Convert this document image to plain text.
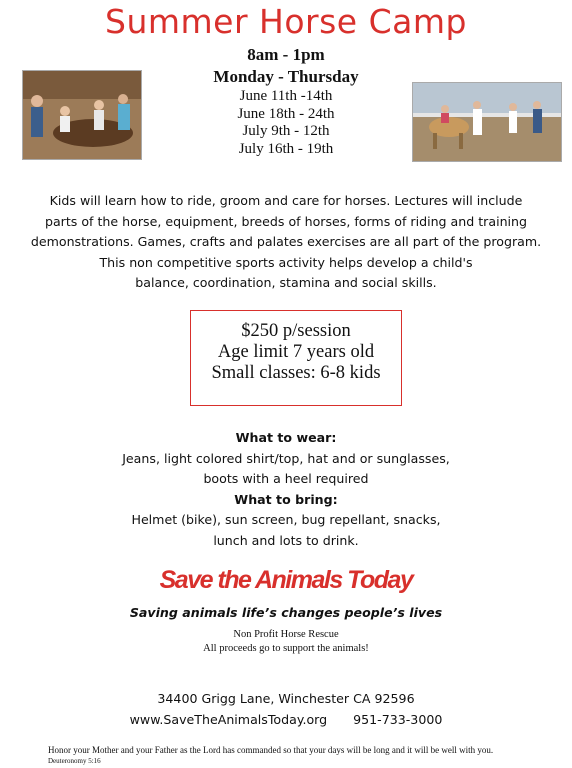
Summer Horse Camp
8am - 1pm
Monday - Thursday
June 11th -14th
June 18th - 24th
July 9th - 12th
July 16th - 19th
Kids will learn how to ride, groom and care for horses. Lectures will include
parts of the horse, equipment, breeds of horses, forms of riding and training
demonstrations. Games, crafts and palates exercises are all part of the program.
This non competitive sports activity helps develop a child's
balance, coordination, stamina and social skills.
$250 p/session
Age limit 7 years old
Small classes: 6-8 kids
What to wear:
Jeans, light colored shirt/top, hat and or sunglasses,
boots with a heel required
What to bring:
Helmet (bike), sun screen, bug repellant, snacks,
lunch and lots to drink.
Save the Animals Today
Saving animals life’s changes people’s lives
Non Profit Horse Rescue
All proceeds go to support the animals!
34400 Grigg Lane, Winchester CA 92596
www.SaveTheAnimalsToday.org 951-733-3000
Honor your Mother and your Father as the Lord has commanded so that your days will be long and it will be well with you.
Deuteronomy 5:16
